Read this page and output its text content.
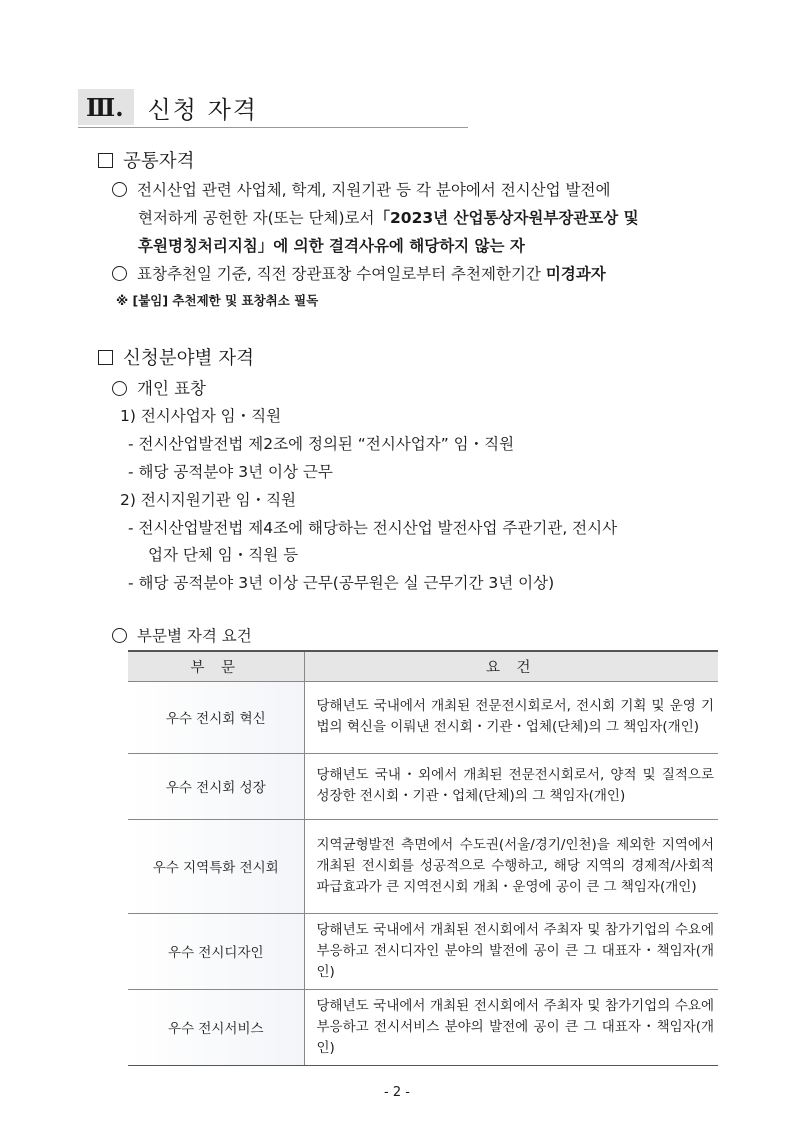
Ⅲ.	신청 자격
공통자격
전시산업 관련 사업체, 학계, 지원기관 등 각 분야에서 전시산업 발전에
현저하게 공헌한 자(또는 단체)로서「2023년 산업통상자원부장관포상 및
후원명칭처리지침」에 의한 결격사유에 해당하지 않는 자
표창추천일 기준, 직전 장관표창 수여일로부터 추천제한기간 미경과자
※ [붙임] 추천제한 및 표창취소 필독
신청분야별 자격
개인 표창
1) 전시사업자 임・직원
- 전시산업발전법 제2조에 정의된 “전시사업자” 임・직원
- 해당 공적분야 3년 이상 근무
2) 전시지원기관 임・직원
- 전시산업발전법 제4조에 해당하는 전시산업 발전사업 주관기관, 전시사
업자 단체 임・직원 등
- 해당 공적분야 3년 이상 근무(공무원은 실 근무기간 3년 이상)
부문별 자격 요건
부 문	요 건
우수 전시회 혁신	당해년도 국내에서 개최된 전문전시회로서, 전시회 기획 및 운영 기법의 혁신을 이뤄낸 전시회・기관・업체(단체)의 그 책임자(개인)
우수 전시회 성장	당해년도 국내・외에서 개최된 전문전시회로서, 양적 및 질적으로 성장한 전시회・기관・업체(단체)의 그 책임자(개인)
우수 지역특화 전시회	지역균형발전 측면에서 수도권(서울/경기/인천)을 제외한 지역에서 개최된 전시회를 성공적으로 수행하고, 해당 지역의 경제적/사회적 파급효과가 큰 지역전시회 개최・운영에 공이 큰 그 책임자(개인)
우수 전시디자인	당해년도 국내에서 개최된 전시회에서 주최자 및 참가기업의 수요에 부응하고 전시디자인 분야의 발전에 공이 큰 그 대표자・책임자(개인)
우수 전시서비스	당해년도 국내에서 개최된 전시회에서 주최자 및 참가기업의 수요에 부응하고 전시서비스 분야의 발전에 공이 큰 그 대표자・책임자(개인)
- 2 -
